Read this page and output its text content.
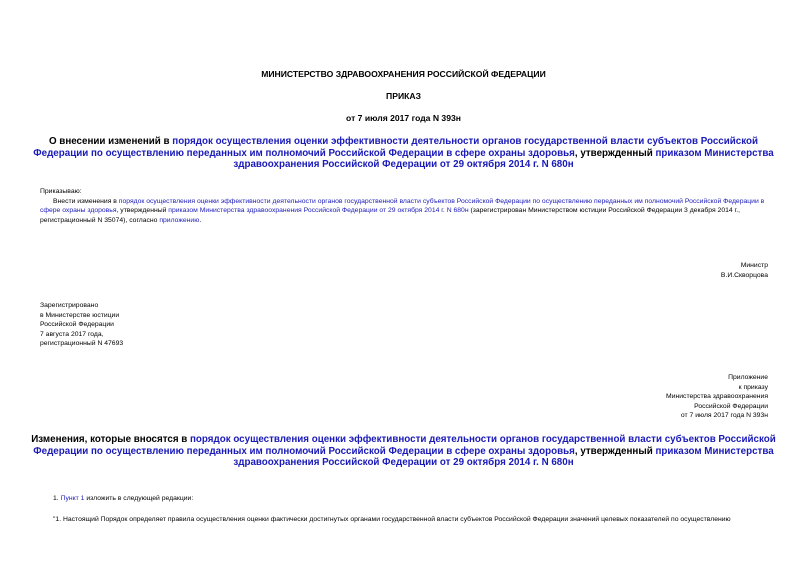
МИНИСТЕРСТВО ЗДРАВООХРАНЕНИЯ РОССИЙСКОЙ ФЕДЕРАЦИИ
ПРИКАЗ
от 7 июля 2017 года N 393н
О внесении изменений в порядок осуществления оценки эффективности деятельности органов государственной власти субъектов Российской Федерации по осуществлению переданных им полномочий Российской Федерации в сфере охраны здоровья, утвержденный приказом Министерства здравоохранения Российской Федерации от 29 октября 2014 г. N 680н

Приказываю:

Внести изменения в порядок осуществления оценки эффективности деятельности органов государственной власти субъектов Российской Федерации по осуществлению переданных им полномочий Российской Федерации в сфере охраны здоровья, утвержденный приказом Министерства здравоохранения Российской Федерации от 29 октября 2014 г. N 680н (зарегистрирован Министерством юстиции Российской Федерации 3 декабря 2014 г., регистрационный N 35074), согласно приложению.

Министр
В.И.Скворцова
Зарегистрировано
в Министерстве юстиции
Российской Федерации
7 августа 2017 года,
регистрационный N 47693
Приложение
к приказу
Министерства здравоохранения
Российской Федерации
от 7 июля 2017 года N 393н
Изменения, которые вносятся в порядок осуществления оценки эффективности деятельности органов государственной власти субъектов Российской Федерации по осуществлению переданных им полномочий Российской Федерации в сфере охраны здоровья, утвержденный приказом Министерства здравоохранения Российской Федерации от 29 октября 2014 г. N 680н
1. Пункт 1 изложить в следующей редакции:
"1. Настоящий Порядок определяет правила осуществления оценки фактически достигнутых органами государственной власти субъектов Российской Федерации значений целевых показателей по осуществлению
